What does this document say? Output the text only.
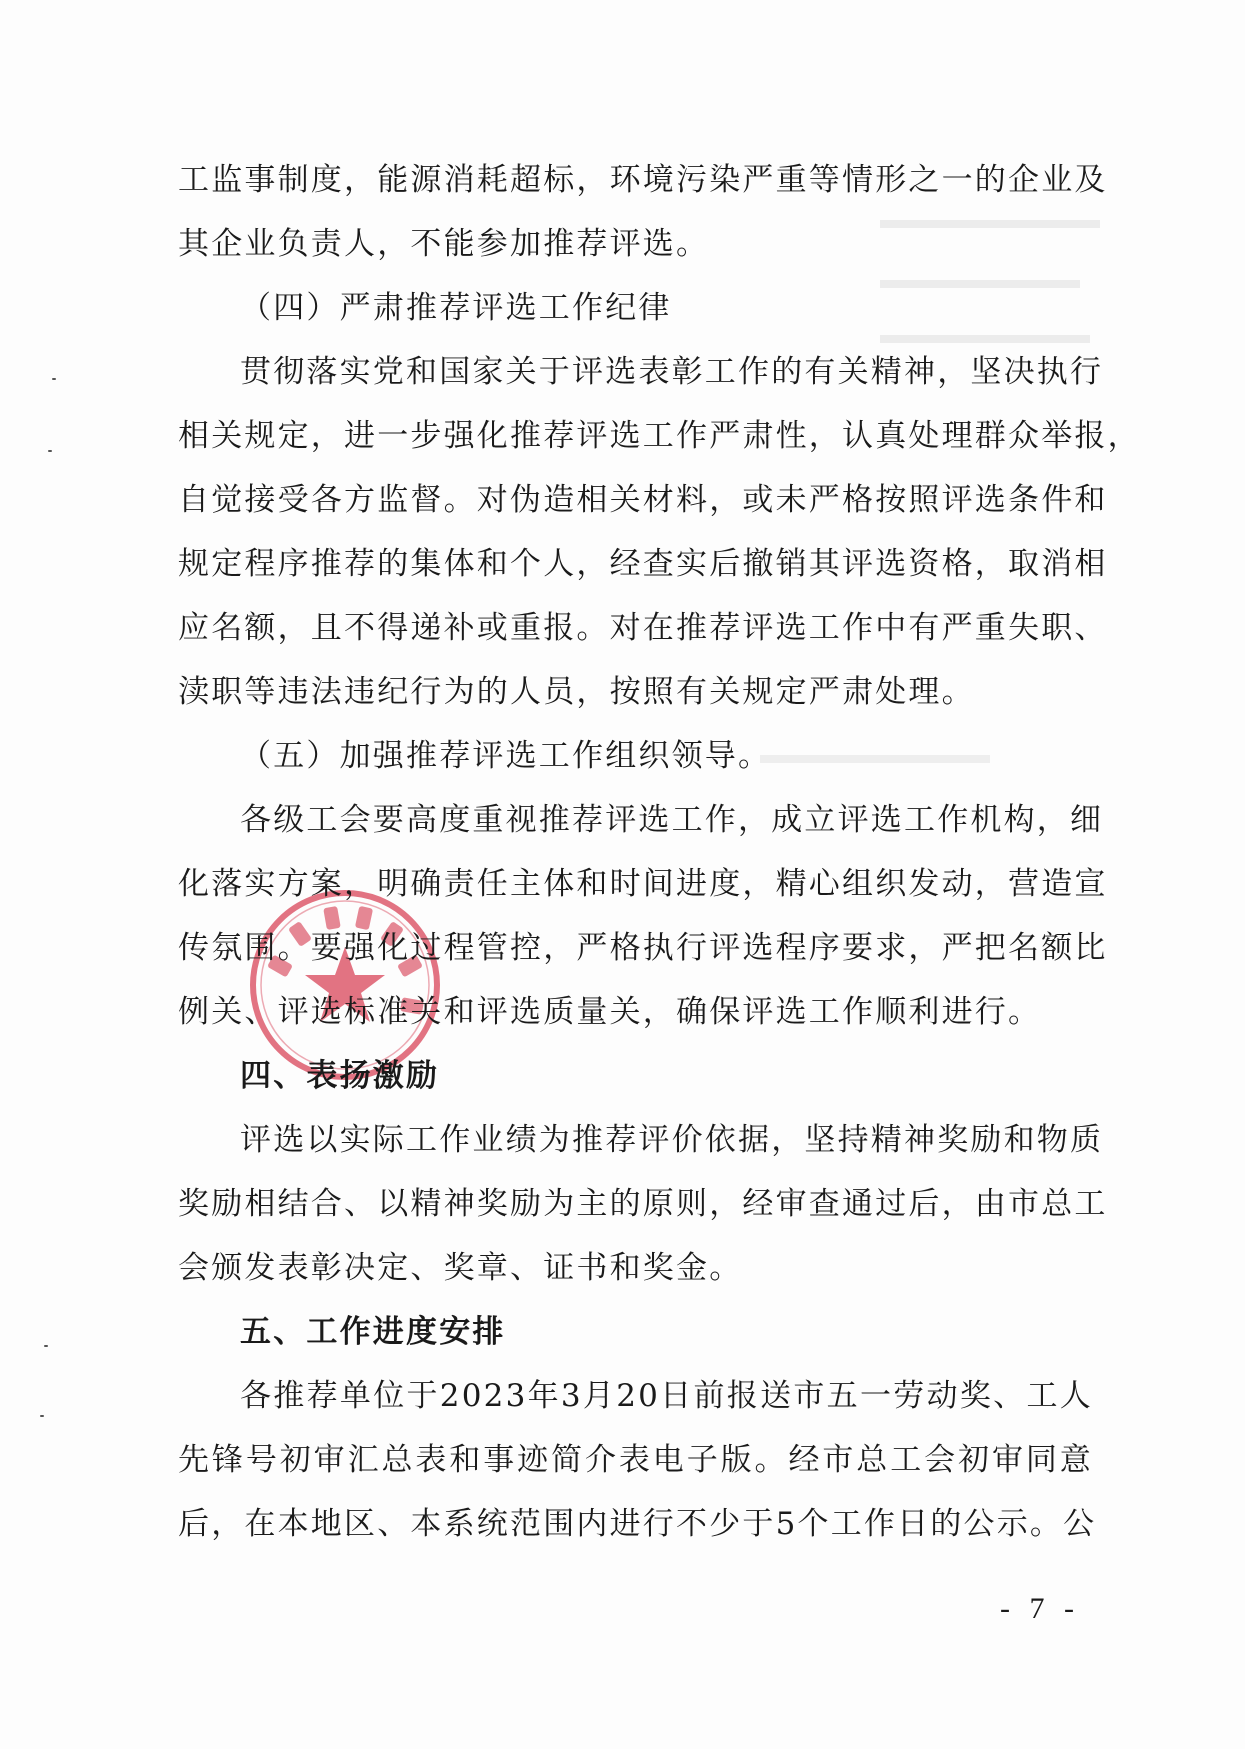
工监事制度，能源消耗超标，环境污染严重等情形之一的企业及
其企业负责人，不能参加推荐评选。
（四）严肃推荐评选工作纪律
贯彻落实党和国家关于评选表彰工作的有关精神，坚决执行
相关规定，进一步强化推荐评选工作严肃性，认真处理群众举报，
自觉接受各方监督。对伪造相关材料，或未严格按照评选条件和
规定程序推荐的集体和个人，经查实后撤销其评选资格，取消相
应名额，且不得递补或重报。对在推荐评选工作中有严重失职、
渎职等违法违纪行为的人员，按照有关规定严肃处理。
（五）加强推荐评选工作组织领导。
各级工会要高度重视推荐评选工作，成立评选工作机构，细
化落实方案，明确责任主体和时间进度，精心组织发动，营造宣
传氛围。要强化过程管控，严格执行评选程序要求，严把名额比
例关、评选标准关和评选质量关，确保评选工作顺利进行。
四、表扬激励
评选以实际工作业绩为推荐评价依据，坚持精神奖励和物质
奖励相结合、以精神奖励为主的原则，经审查通过后，由市总工
会颁发表彰决定、奖章、证书和奖金。
五、工作进度安排
各推荐单位于2023年3月20日前报送市五一劳动奖、工人
先锋号初审汇总表和事迹简介表电子版。经市总工会初审同意
后，在本地区、本系统范围内进行不少于5个工作日的公示。公
- 7 -
